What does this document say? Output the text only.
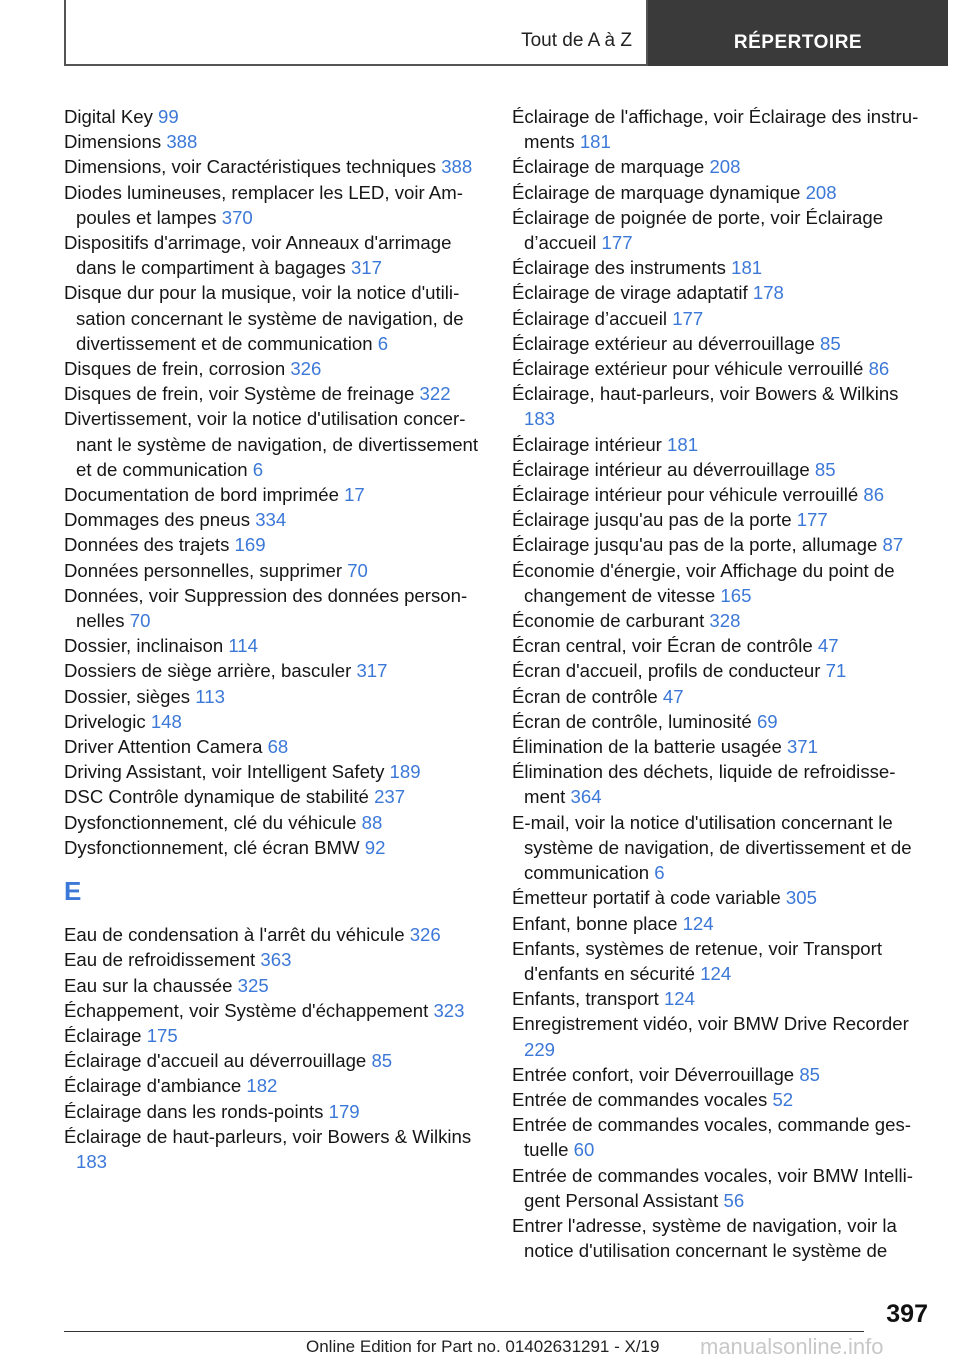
Tout de A à Z	RÉPERTOIRE
Digital Key 99
Dimensions 388
Dimensions, voir Caractéristiques techniques 388
Diodes lumineuses, remplacer les LED, voir Ampoules et lampes 370
Dispositifs d'arrimage, voir Anneaux d'arrimage dans le compartiment à bagages 317
Disque dur pour la musique, voir la notice d'utilisation concernant le système de navigation, de divertissement et de communication 6
Disques de frein, corrosion 326
Disques de frein, voir Système de freinage 322
Divertissement, voir la notice d'utilisation concernant le système de navigation, de divertissement et de communication 6
Documentation de bord imprimée 17
Dommages des pneus 334
Données des trajets 169
Données personnelles, supprimer 70
Données, voir Suppression des données personnelles 70
Dossier, inclinaison 114
Dossiers de siège arrière, basculer 317
Dossier, sièges 113
Drivelogic 148
Driver Attention Camera 68
Driving Assistant, voir Intelligent Safety 189
DSC Contrôle dynamique de stabilité 237
Dysfonctionnement, clé du véhicule 88
Dysfonctionnement, clé écran BMW 92
E
Eau de condensation à l'arrêt du véhicule 326
Eau de refroidissement 363
Eau sur la chaussée 325
Échappement, voir Système d'échappement 323
Éclairage 175
Éclairage d'accueil au déverrouillage 85
Éclairage d'ambiance 182
Éclairage dans les ronds-points 179
Éclairage de haut-parleurs, voir Bowers & Wilkins 183
Éclairage de l'affichage, voir Éclairage des instruments 181
Éclairage de marquage 208
Éclairage de marquage dynamique 208
Éclairage de poignée de porte, voir Éclairage d’accueil 177
Éclairage des instruments 181
Éclairage de virage adaptatif 178
Éclairage d’accueil 177
Éclairage extérieur au déverrouillage 85
Éclairage extérieur pour véhicule verrouillé 86
Éclairage, haut-parleurs, voir Bowers & Wilkins 183
Éclairage intérieur 181
Éclairage intérieur au déverrouillage 85
Éclairage intérieur pour véhicule verrouillé 86
Éclairage jusqu'au pas de la porte 177
Éclairage jusqu'au pas de la porte, allumage 87
Économie d'énergie, voir Affichage du point de changement de vitesse 165
Économie de carburant 328
Écran central, voir Écran de contrôle 47
Écran d'accueil, profils de conducteur 71
Écran de contrôle 47
Écran de contrôle, luminosité 69
Élimination de la batterie usagée 371
Élimination des déchets, liquide de refroidissement 364
E-mail, voir la notice d'utilisation concernant le système de navigation, de divertissement et de communication 6
Émetteur portatif à code variable 305
Enfant, bonne place 124
Enfants, systèmes de retenue, voir Transport d'enfants en sécurité 124
Enfants, transport 124
Enregistrement vidéo, voir BMW Drive Recorder 229
Entrée confort, voir Déverrouillage 85
Entrée de commandes vocales 52
Entrée de commandes vocales, commande gestuelle 60
Entrée de commandes vocales, voir BMW Intelligent Personal Assistant 56
Entrer l'adresse, système de navigation, voir la notice d'utilisation concernant le système de
397
Online Edition for Part no. 01402631291 - X/19 manualsonline.info
